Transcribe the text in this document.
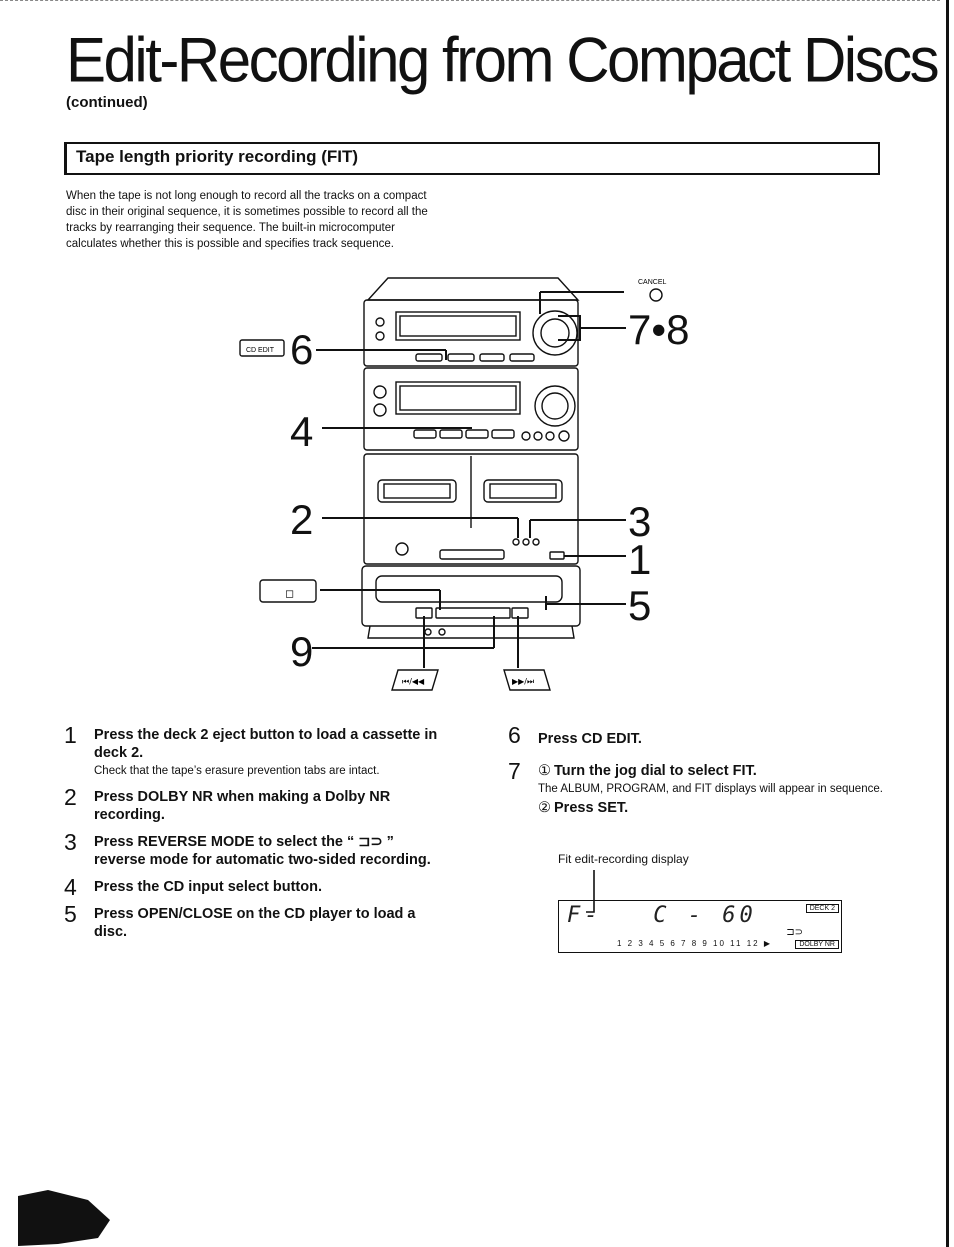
Edit-Recording from Compact Discs
(continued)
Tape length priority recording (FIT)
When the tape is not long enough to record all the tracks on a compact disc in their original sequence, it is sometimes possible to record all the tracks by rearranging their sequence. The built-in microcomputer calculates whether this is possible and specifies track sequence.
CD EDIT
CANCEL
◻
⏮/◀◀	▶▶/⏭
6	7•8
4
2	3
1
5
9
1 Press the deck 2 eject button to load a cassette in deck 2.
Check that the tape’s erasure prevention tabs are intact.
2 Press DOLBY NR when making a Dolby NR recording.
3 Press REVERSE MODE to select the “ ⊐⊃ ” reverse mode for automatic two-sided recording.
4 Press the CD input select button.
5 Press OPEN/CLOSE on the CD player to load a disc.
6 Press CD EDIT.
7 ① Turn the jog dial to select FIT.
The ALBUM, PROGRAM, and FIT displays will appear in sequence.
② Press SET.
Fit edit-recording display
F-   C - 60	DECK 2
⊐⊃
1 2 3 4 5 6 7 8 9 10 11 12 ▶	DOLBY NR
